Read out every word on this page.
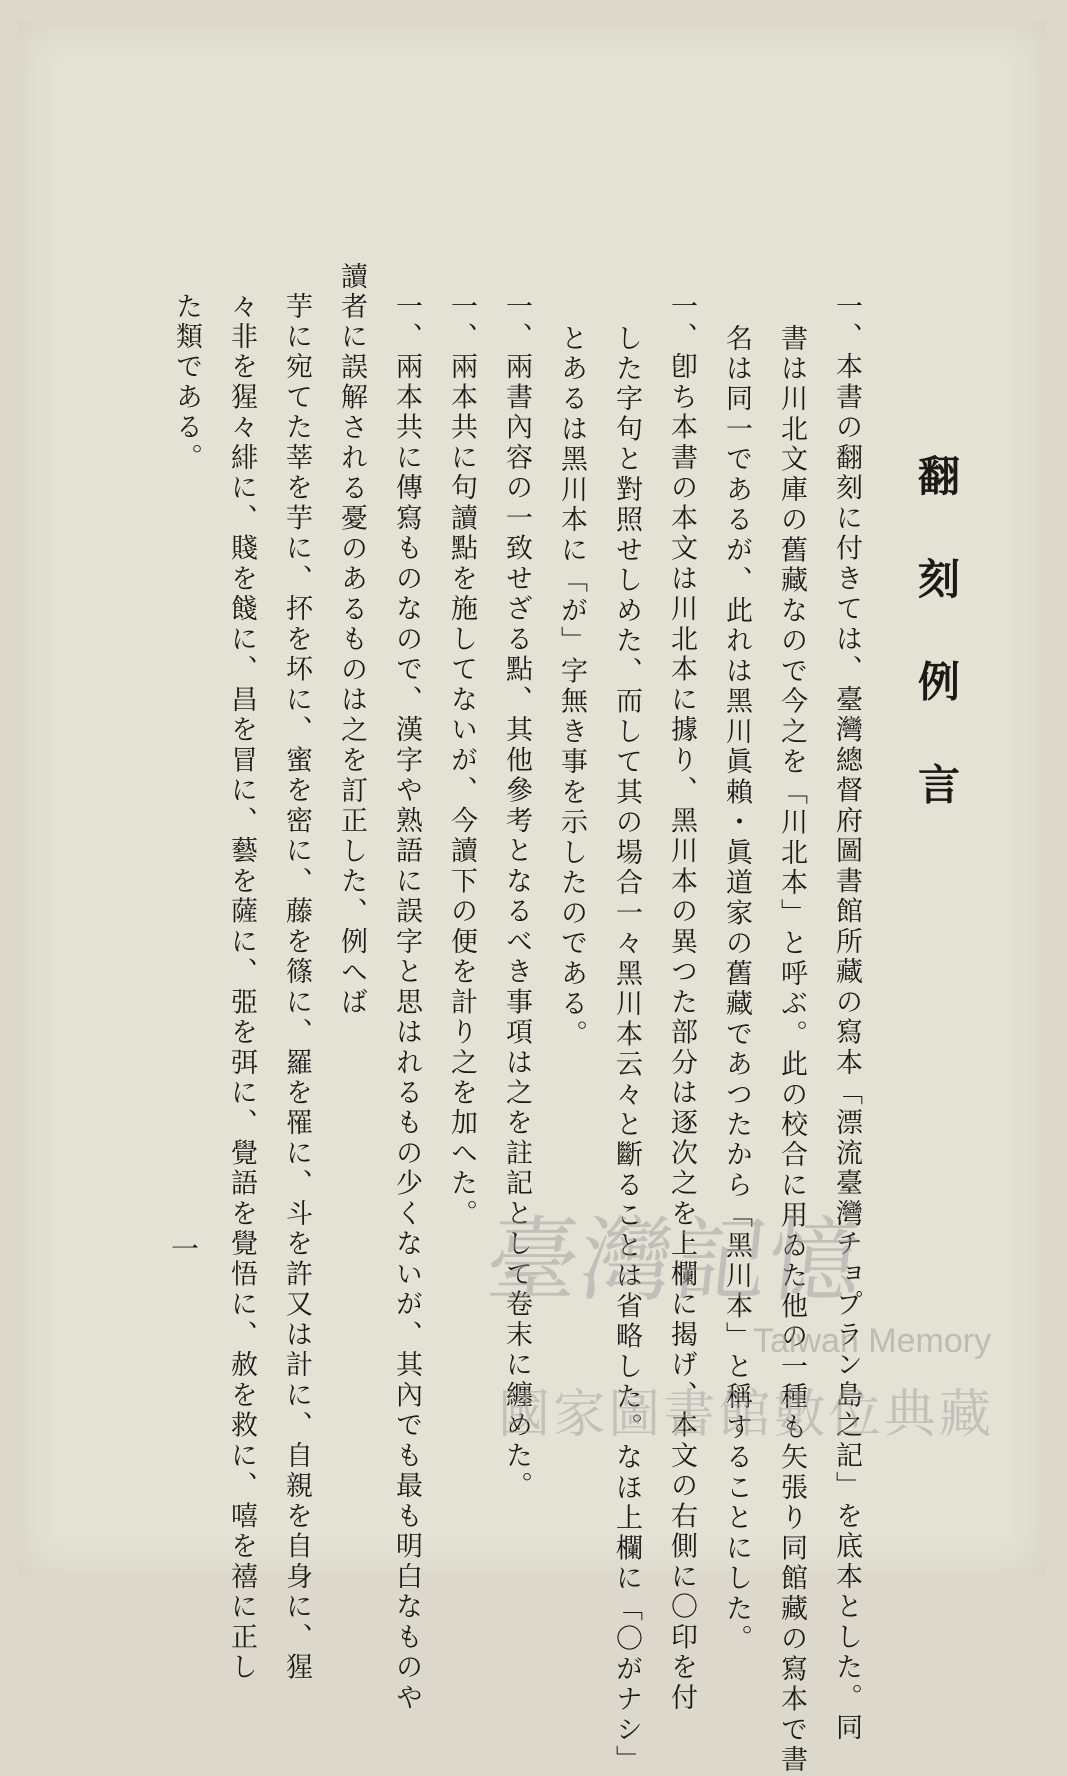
翻 刻 例 言
一、本書の翻刻に付きては、臺灣總督府圖書館所藏の寫本「漂流臺灣チョプラン島之記」を底本とした。同
書は川北文庫の舊藏なので今之を「川北本」と呼ぶ。此の校合に用ゐた他の一種も矢張り同館藏の寫本で書
名は同一であるが、此れは黑川眞賴・眞道家の舊藏であつたから「黑川本」と稱することにした。
一、卽ち本書の本文は川北本に據り、黑川本の異つた部分は逐次之を上欄に揭げ、本文の右側に〇印を付
した字句と對照せしめた、而して其の場合一々黑川本云々と斷ることは省略した。なほ上欄に「〇がナシ」
とあるは黑川本に「が」字無き事を示したのである。
一、兩書內容の一致せざる點、其他參考となるべき事項は之を註記として卷末に纏めた。
一、兩本共に句讀點を施してないが、今讀下の便を計り之を加へた。
一、兩本共に傳寫ものなので、漢字や熟語に誤字と思はれるもの少くないが、其內でも最も明白なものや
讀者に誤解される憂のあるものは之を訂正した、例へば
芋に宛てた莘を芋に、抔を坏に、蜜を密に、藤を篠に、羅を罹に、斗を許又は計に、自親を自身に、猩
々非を猩々緋に、賤を餞に、昌を冒に、藝を薩に、弫を弭に、覺語を覺悟に、赦を救に、嘻を禧に正し
た類である。
一	臺灣記憶
Taiwan Memory
國家圖書館數位典藏
